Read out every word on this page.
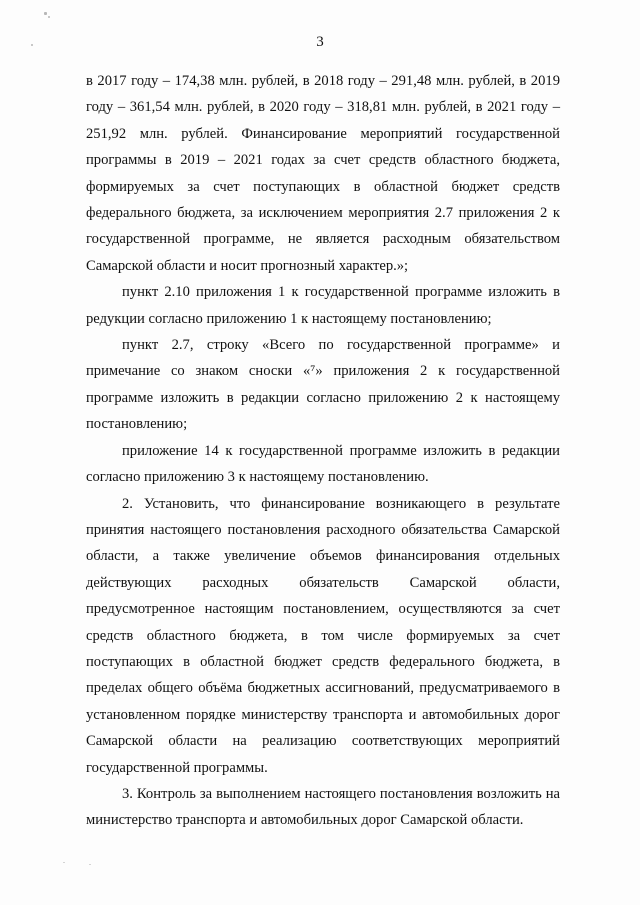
3

в 2017 году – 174,38 млн. рублей, в 2018 году – 291,48 млн. рублей, в 2019 году – 361,54 млн. рублей, в 2020 году – 318,81 млн. рублей, в 2021 году – 251,92 млн. рублей. Финансирование мероприятий государственной программы в 2019 – 2021 годах за счет средств областного бюджета, формируемых за счет поступающих в областной бюджет средств федерального бюджета, за исключением мероприятия 2.7 приложения 2 к государственной программе, не является расходным обязательством Самарской области и носит прогнозный характер.»;

пункт 2.10 приложения 1 к государственной программе изложить в редукции согласно приложению 1 к настоящему постановлению;

пункт 2.7, строку «Всего по государственной программе» и примечание со знаком сноски «⁷» приложения 2 к государственной программе изложить в редакции согласно приложению 2 к настоящему постановлению;

приложение 14 к государственной программе изложить в редакции согласно приложению 3 к настоящему постановлению.

2. Установить, что финансирование возникающего в результате принятия настоящего постановления расходного обязательства Самарской области, а также увеличение объемов финансирования отдельных действующих расходных обязательств Самарской области, предусмотренное настоящим постановлением, осуществляются за счет средств областного бюджета, в том числе формируемых за счет поступающих в областной бюджет средств федерального бюджета, в пределах общего объёма бюджетных ассигнований, предусматриваемого в установленном порядке министерству транспорта и автомобильных дорог Самарской области на реализацию соответствующих мероприятий государственной программы.

3. Контроль за выполнением настоящего постановления возложить на министерство транспорта и автомобильных дорог Самарской области.
